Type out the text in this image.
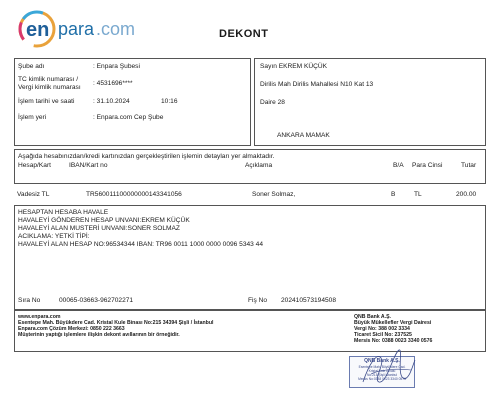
en para .com	DEKONT
Şube adı	: Enpara Şubesi
TC kimlik numarası /
Vergi kimlik numarası
: 4531696****
İşlem tarihi ve saati	: 31.10.2024	10:16
İşlem yeri	: Enpara.com Cep Şube
Sayın EKREM KÜÇÜK
Dirilis Mah Dirilis Mahallesi N10 Kat 13
Daire 28
ANKARA MAMAK
Aşağıda hesabınızdan/kredi kartınızdan gerçekleştirilen işlemin detayları yer almaktadır.
Hesap/Kart	IBAN/Kart no	Açıklama	B/A Para Cinsi	Tutar
Vadesiz TL	TR560011100000000143341056	Soner Solmaz,	B	TL	200.00
HESAPTAN HESABA HAVALE
HAVALEYİ GÖNDEREN HESAP UNVANI:EKREM KÜÇÜK
HAVALEYİ ALAN MUSTERİ UNVANI:SONER SOLMAZ
ACIKLAMA: YETKİ TİPİ:
HAVALEYİ ALAN HESAP NO:96534344 IBAN: TR96 0011 1000 0000 0096 5343 44
Sıra No	00065-03663-962702271	Fiş No 202410573194508
www.enpara.com
Esentepe Mah. Büyükdere Cad. Kristal Kule Binası No:215 34394 Şişli / İstanbul
Enpara.com Çözüm Merkezi: 0850 222 3663
Müşterinin yaptığı işlemlere ilişkin dekont avıllarının bir örneğidir.
QNB Bank A.Ş.
Büyük Mükellefler Vergi Dairesi
Vergi No: 388 002 3334
Ticaret Sicil No: 237525
Mersis No: 0388 0023 3340 0576
QNB Bank A.Ş.
Esentepe Mah. Büyükdere Cad.
Kristal Kule Binası
No:215 Şişli İstanbul
Mersis No:0388 0023 3340 0576
